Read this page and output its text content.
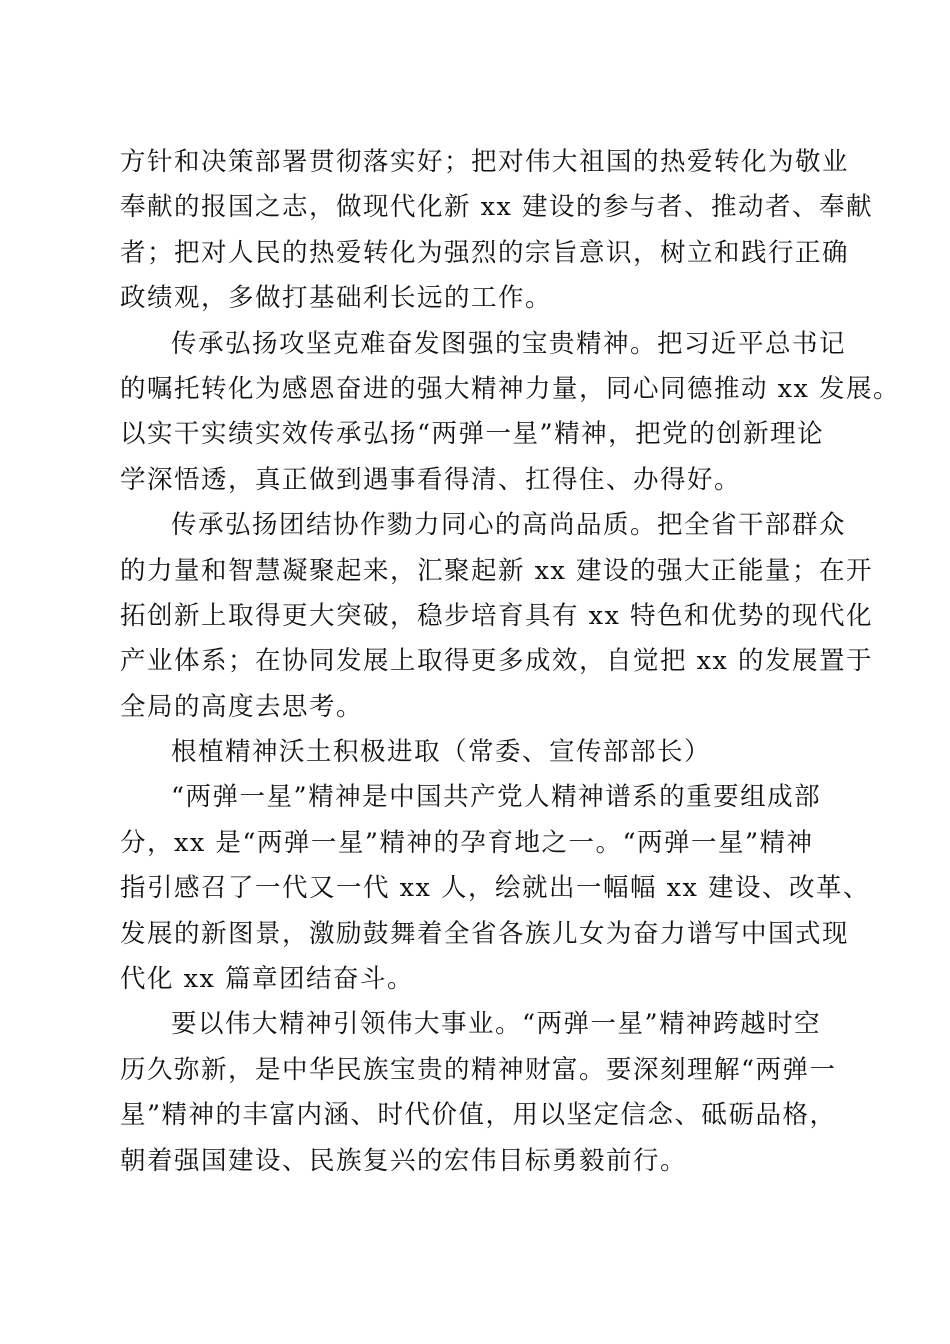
方针和决策部署贯彻落实好；把对伟大祖国的热爱转化为敬业
奉献的报国之志，做现代化新 xx 建设的参与者、推动者、奉献
者；把对人民的热爱转化为强烈的宗旨意识，树立和践行正确
政绩观，多做打基础利长远的工作。
传承弘扬攻坚克难奋发图强的宝贵精神。把习近平总书记
的嘱托转化为感恩奋进的强大精神力量，同心同德推动 xx 发展。
以实干实绩实效传承弘扬“两弹一星”精神，把党的创新理论
学深悟透，真正做到遇事看得清、扛得住、办得好。
传承弘扬团结协作勠力同心的高尚品质。把全省干部群众
的力量和智慧凝聚起来，汇聚起新 xx 建设的强大正能量；在开
拓创新上取得更大突破，稳步培育具有 xx 特色和优势的现代化
产业体系；在协同发展上取得更多成效，自觉把 xx 的发展置于
全局的高度去思考。
根植精神沃土积极进取（常委、宣传部部长）
“两弹一星”精神是中国共产党人精神谱系的重要组成部
分，xx 是“两弹一星”精神的孕育地之一。“两弹一星”精神
指引感召了一代又一代 xx 人，绘就出一幅幅 xx 建设、改革、
发展的新图景，激励鼓舞着全省各族儿女为奋力谱写中国式现
代化 xx 篇章团结奋斗。
要以伟大精神引领伟大事业。“两弹一星”精神跨越时空
历久弥新，是中华民族宝贵的精神财富。要深刻理解“两弹一
星”精神的丰富内涵、时代价值，用以坚定信念、砥砺品格，
朝着强国建设、民族复兴的宏伟目标勇毅前行。
